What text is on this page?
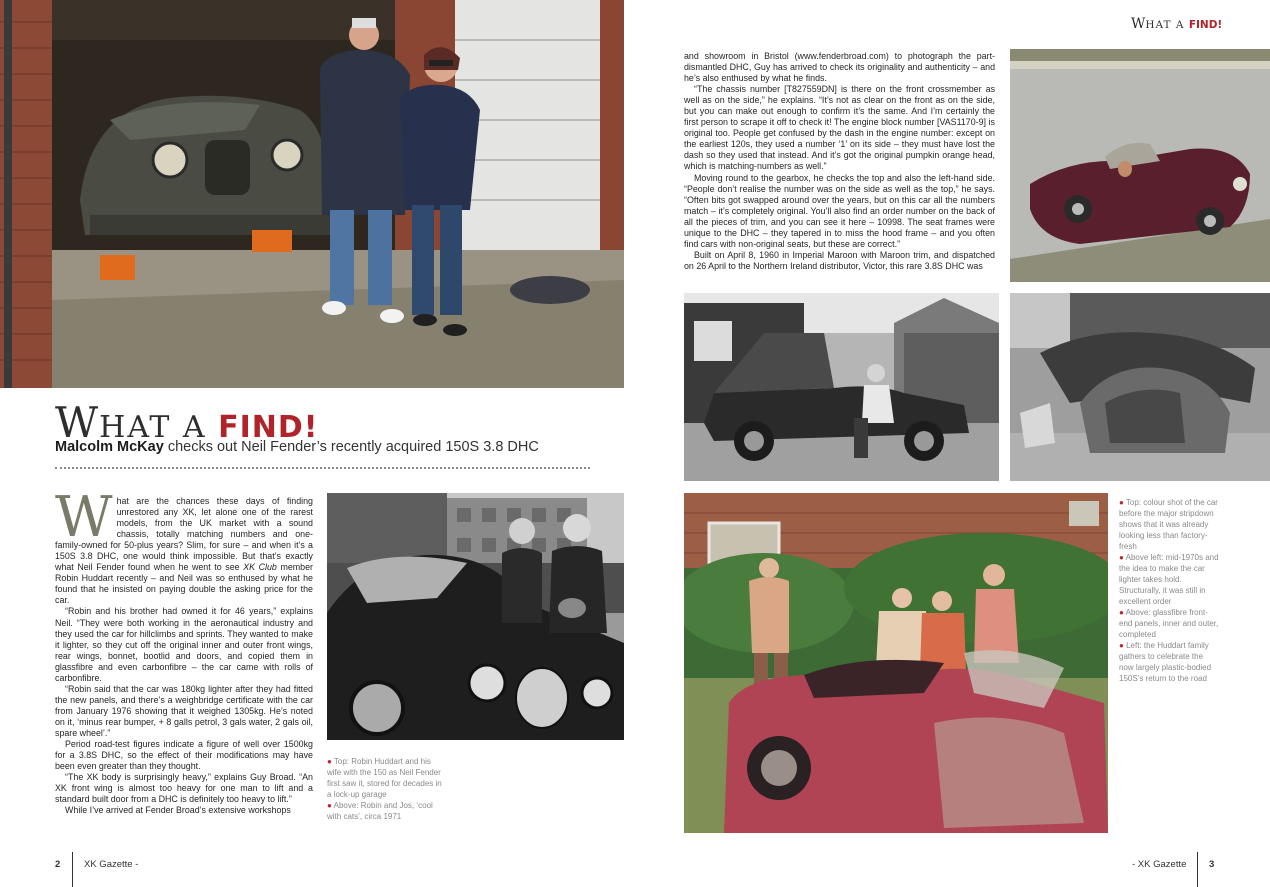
WHAT A FIND!
Malcolm McKay checks out Neil Fender’s recently acquired 150S 3.8 DHC
W hat are the chances these days of finding unrestored any XK, let alone one of the rarest models, from the UK market with a sound chassis, totally matching numbers and one-family-owned for 50-plus years? Slim, for sure – and when it’s a 150S 3.8 DHC, one would think impossible. But that’s exactly what Neil Fender found when he went to see XK Club member Robin Huddart recently – and Neil was so enthused by what he found that he insisted on paying double the asking price for the car.

“Robin and his brother had owned it for 46 years,” explains Neil. “They were both working in the aeronautical industry and they used the car for hillclimbs and sprints. They wanted to make it lighter, so they cut off the original inner and outer front wings, rear wings, bonnet, bootlid and doors, and copied them in glassfibre and even carbonfibre – the car came with rolls of carbonfibre.

“Robin said that the car was 180kg lighter after they had fitted the new panels, and there’s a weighbridge certificate with the car from January 1976 showing that it weighed 1305kg. He’s noted on it, ‘minus rear bumper, + 8 galls petrol, 3 gals water, 2 gals oil, spare wheel’.”

Period road-test figures indicate a figure of well over 1500kg for a 3.8S DHC, so the effect of their modifications may have been even greater than they thought.

“The XK body is surprisingly heavy,” explains Guy Broad. “An XK front wing is almost too heavy for one man to lift and a standard built door from a DHC is definitely too heavy to lift.”

While I’ve arrived at Fender Broad’s extensive workshops

● Top: Robin Huddart and his wife with the 150 as Neil Fender first saw it, stored for decades in a lock-up garage
● Above: Robin and Jos, ‘cool with cats’, circa 1971
2 XK Gazette -
WHAT A FIND!

and showroom in Bristol (www.fenderbroad.com) to photograph the part-dismantled DHC, Guy has arrived to check its originality and authenticity – and he’s also enthused by what he finds.

“The chassis number [T827559DN] is there on the front crossmember as well as on the side,” he explains. “It’s not as clear on the front as on the side, but you can make out enough to confirm it’s the same. And I’m certainly the first person to scrape it off to check it! The engine block number [VAS1170-9] is original too. People get confused by the dash in the engine number: except on the earliest 120s, they used a number ‘1’ on its side – they must have lost the dash so they used that instead. And it’s got the original pumpkin orange head, which is matching-numbers as well.”

Moving round to the gearbox, he checks the top and also the left-hand side. “People don’t realise the number was on the side as well as the top,” he says. “Often bits got swapped around over the years, but on this car all the numbers match – it’s completely original. You’ll also find an order number on the back of all the pieces of trim, and you can see it here – 10998. The seat frames were unique to the DHC – they tapered in to miss the hood frame – and you often find cars with non-original seats, but these are correct.”

Built on April 8, 1960 in Imperial Maroon with Maroon trim, and dispatched on 26 April to the Northern Ireland distributor, Victor, this rare 3.8S DHC was

● Top: colour shot of the car before the major stripdown shows that it was already looking less than factory-fresh
● Above left: mid-1970s and the idea to make the car lighter takes hold. Structurally, it was still in excellent order
● Above: glassfibre front-end panels, inner and outer, completed
● Left: the Huddart family gathers to celebrate the now largely plastic-bodied 150S’s return to the road
- XK Gazette 3
